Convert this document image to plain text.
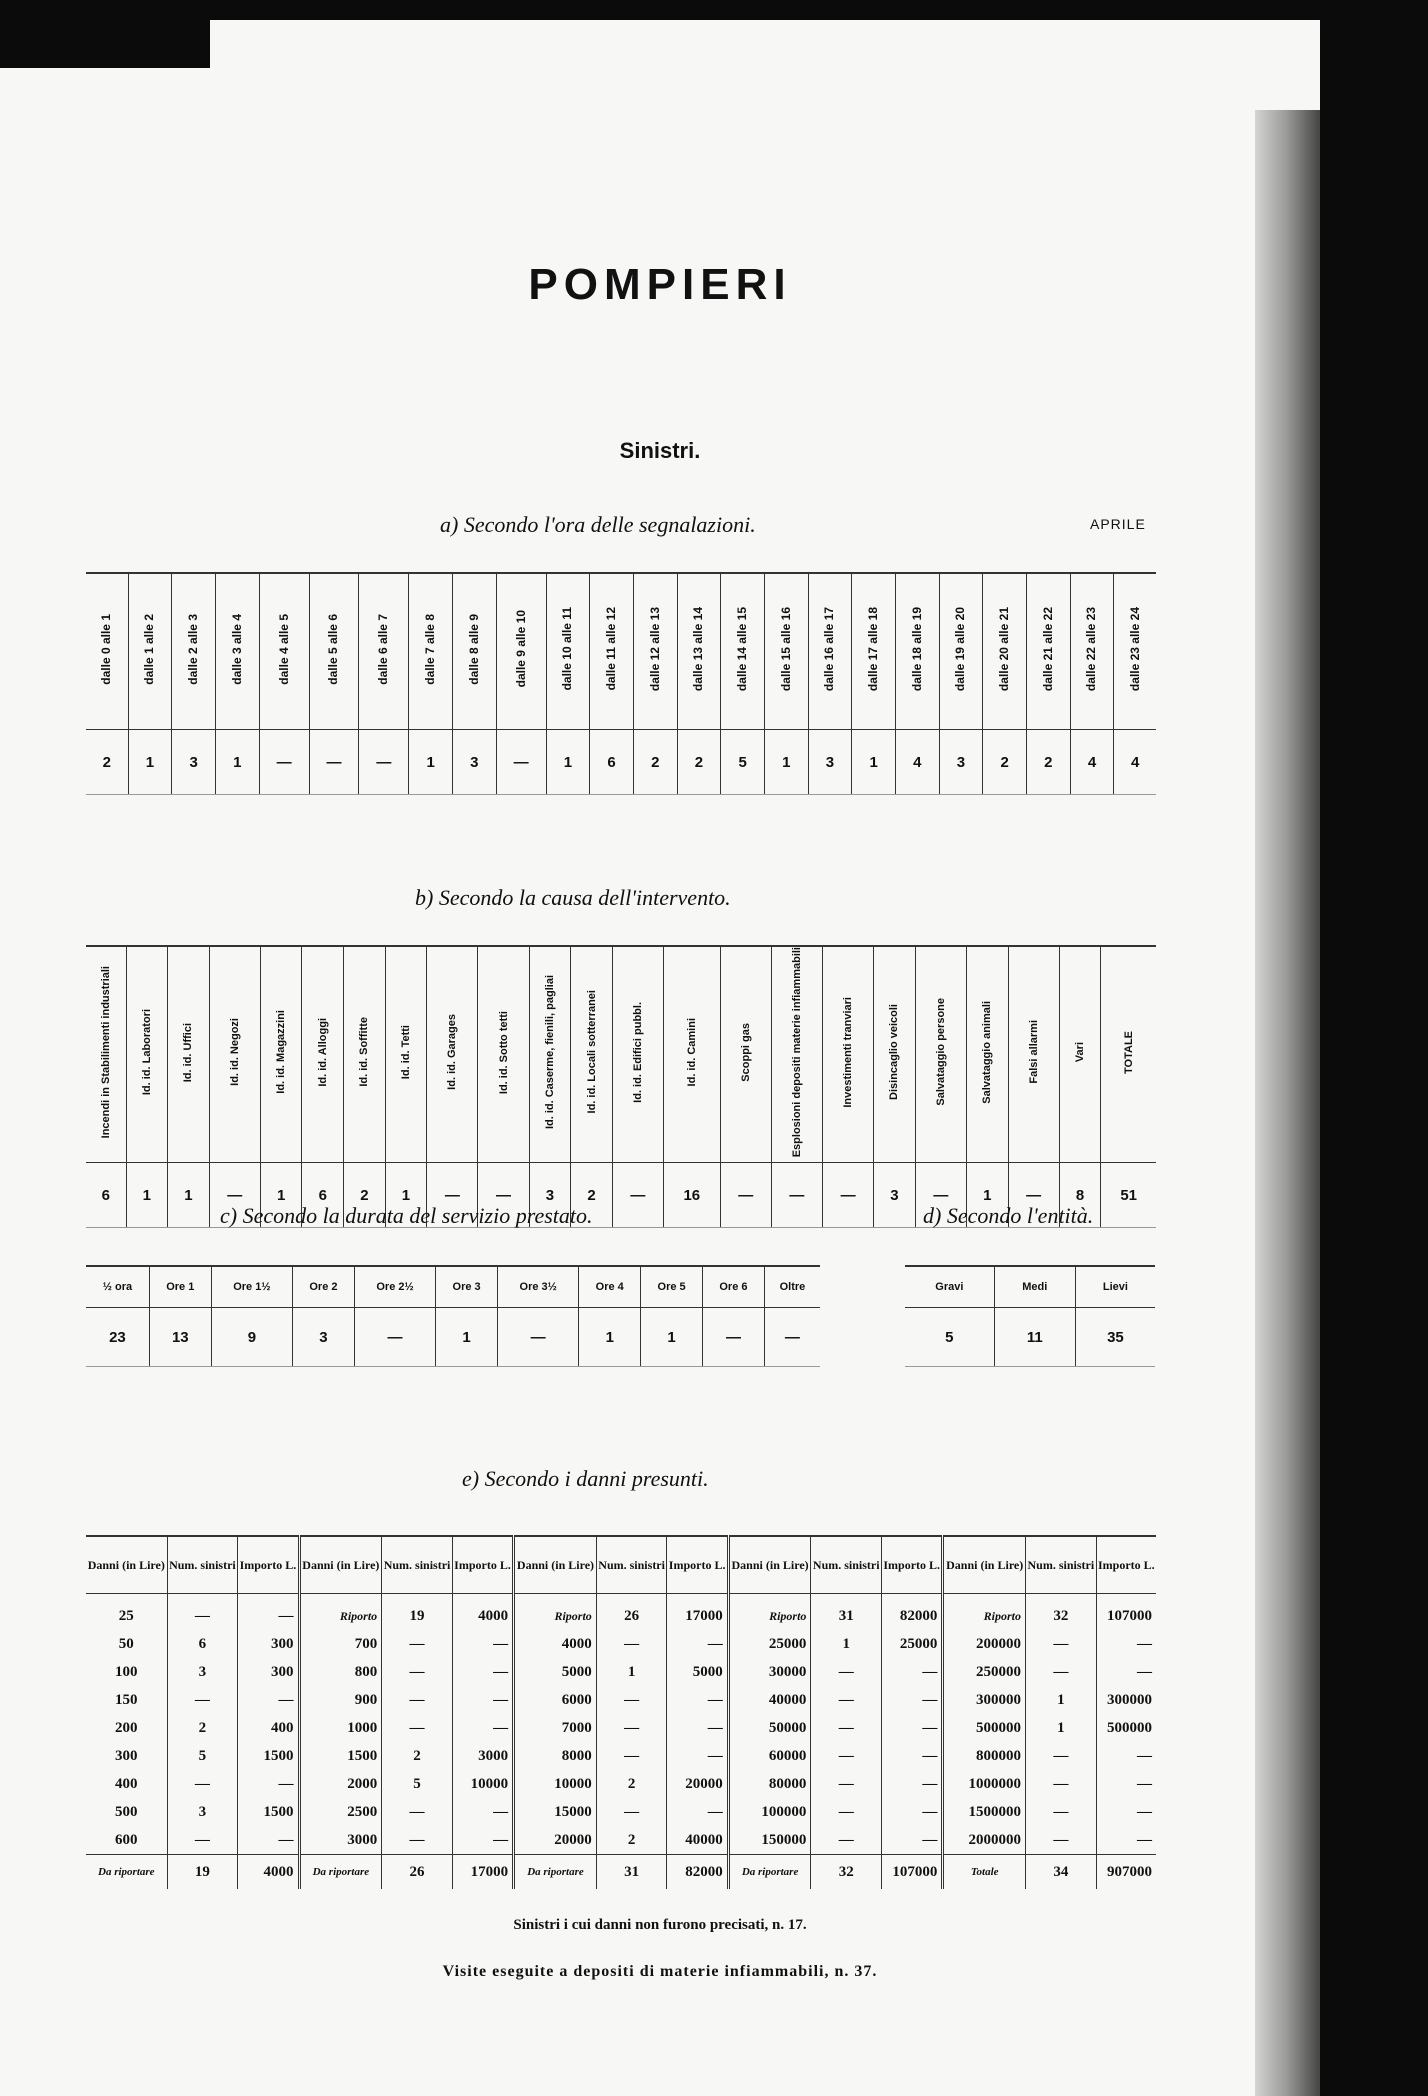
POMPIERI
Sinistri.
a) Secondo l'ora delle segnalazioni.	APRILE
dalle 0 alle 1	dalle 1 alle 2	dalle 2 alle 3	dalle 3 alle 4	dalle 4 alle 5	dalle 5 alle 6	dalle 6 alle 7	dalle 7 alle 8	dalle 8 alle 9	dalle 9 alle 10	dalle 10 alle 11	dalle 11 alle 12	dalle 12 alle 13	dalle 13 alle 14	dalle 14 alle 15	dalle 15 alle 16	dalle 16 alle 17	dalle 17 alle 18	dalle 18 alle 19	dalle 19 alle 20	dalle 20 alle 21	dalle 21 alle 22	dalle 22 alle 23	dalle 23 alle 24
2	1	3	1	—	—	—	1	3	—	1	6	2	2	5	1	3	1	4	3	2	2	4	4
b) Secondo la causa dell'intervento.
Incendi in Stabilimenti industriali	Id. id. Laboratori	Id. id. Uffici	Id. id. Negozi	Id. id. Magazzini	Id. id. Alloggi	Id. id. Soffitte	Id. id. Tetti	Id. id. Garages	Id. id. Sotto tetti	Id. id. Caserme, fienili, pagliai	Id. id. Locali sotterranei	Id. id. Edifici pubbl.	Id. id. Camini	Scoppi gas	Esplosioni depositi materie infiammabili	Investimenti tranviari	Disincaglio veicoli	Salvataggio persone	Salvataggio animali	Falsi allarmi	Vari	TOTALE
6	1	1	—	1	6	2	1	—	—	3	2	—	16	—	—	—	3	—	1	—	8	51
c) Secondo la durata del servizio prestato.	d) Secondo l'entità.
½ ora	Ore 1	Ore 1½	Ore 2	Ore 2½	Ore 3	Ore 3½	Ore 4	Ore 5	Ore 6	Oltre
23	13	9	3	—	1	—	1	1	—	—
Gravi	Medi	Lievi
5	11	35
e) Secondo i danni presunti.
Danni (in Lire)	Num. sinistri	Importo L.	Danni (in Lire)	Num. sinistri	Importo L.	Danni (in Lire)	Num. sinistri	Importo L.	Danni (in Lire)	Num. sinistri	Importo L.	Danni (in Lire)	Num. sinistri	Importo L.
25	—	—	Riporto	19	4000	Riporto	26	17000	Riporto	31	82000	Riporto	32	107000
50	6	300	700	—	—	4000	—	—	25000	1	25000	200000	—	—
100	3	300	800	—	—	5000	1	5000	30000	—	—	250000	—	—
150	—	—	900	—	—	6000	—	—	40000	—	—	300000	1	300000
200	2	400	1000	—	—	7000	—	—	50000	—	—	500000	1	500000
300	5	1500	1500	2	3000	8000	—	—	60000	—	—	800000	—	—
400	—	—	2000	5	10000	10000	2	20000	80000	—	—	1000000	—	—
500	3	1500	2500	—	—	15000	—	—	100000	—	—	1500000	—	—
600	—	—	3000	—	—	20000	2	40000	150000	—	—	2000000	—	—
Da riportare	19	4000	Da riportare	26	17000	Da riportare	31	82000	Da riportare	32	107000	Totale	34	907000
Sinistri i cui danni non furono precisati, n. 17.
Visite eseguite a depositi di materie infiammabili, n. 37.
